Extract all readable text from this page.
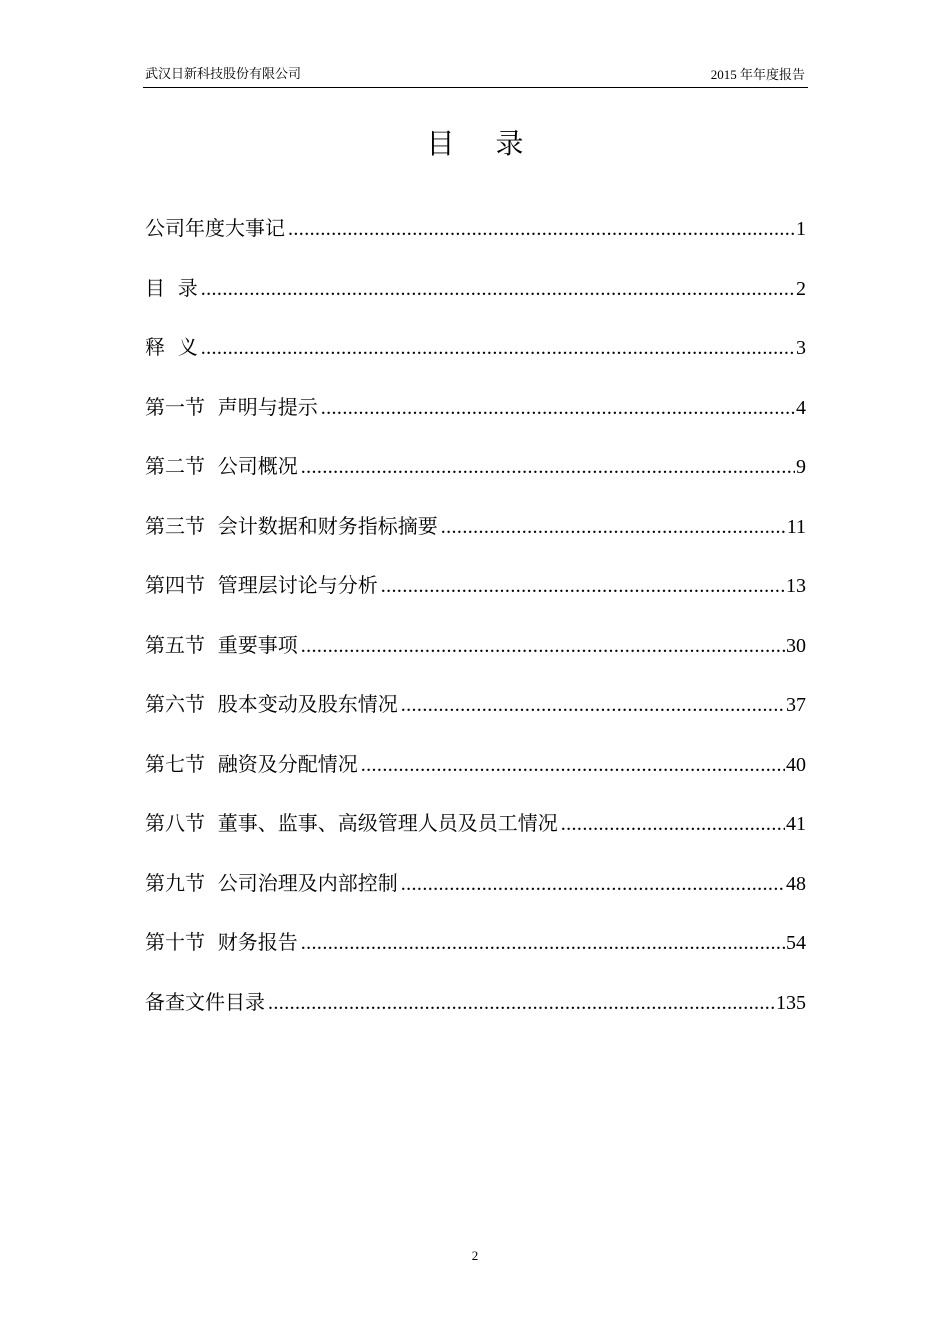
武汉日新科技股份有限公司	2015 年年度报告
目 录
公司年度大事记 .....	1
目  录 .....	2
释  义 .....	3
第一节  声明与提示 .....	4
第二节  公司概况 .....	9
第三节  会计数据和财务指标摘要 .....	11
第四节  管理层讨论与分析 .....	13
第五节  重要事项 .....	30
第六节  股本变动及股东情况 .....	37
第七节  融资及分配情况 .....	40
第八节  董事、监事、高级管理人员及员工情况 .....	41
第九节  公司治理及内部控制 .....	48
第十节  财务报告 .....	54
备查文件目录 .....	135
2
